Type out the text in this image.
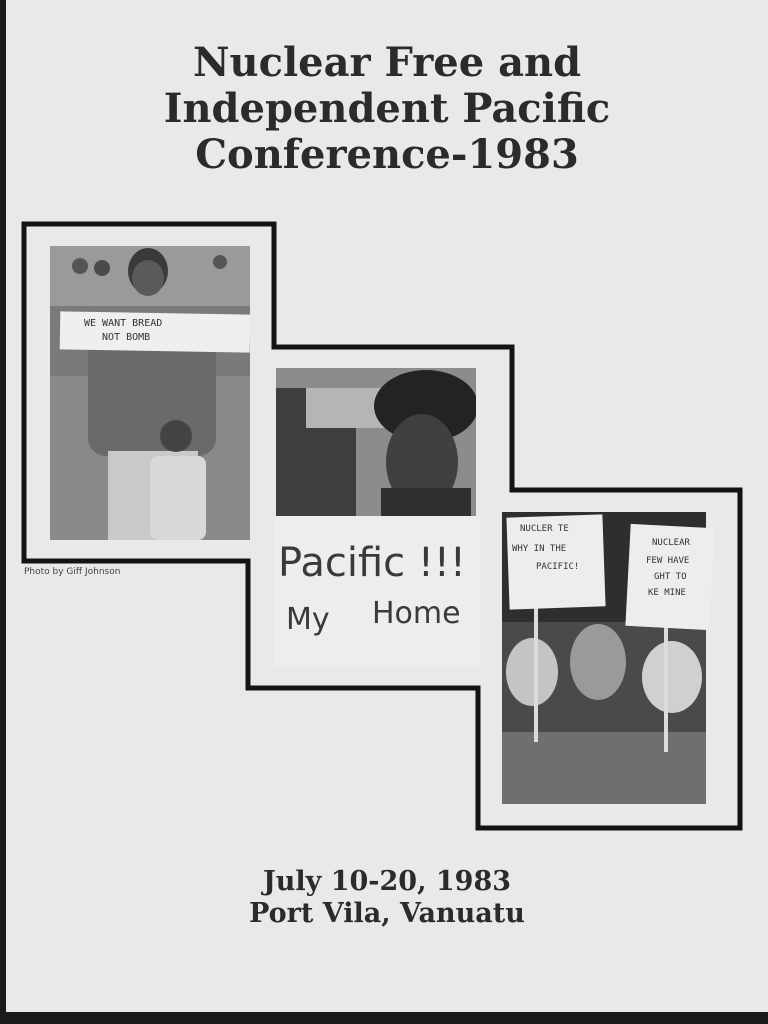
Nuclear Free and
Independent Pacific
Conference-1983
WE WANT BREAD
NOT BOMB
Photo by Giff Johnson	Pacific !!!
My Home
NUCLER TE
WHY IN THE
PACIFIC!
NUCLEAR
FEW HAVE
GHT TO
KE MINE
July 10-20, 1983
Port Vila, Vanuatu
